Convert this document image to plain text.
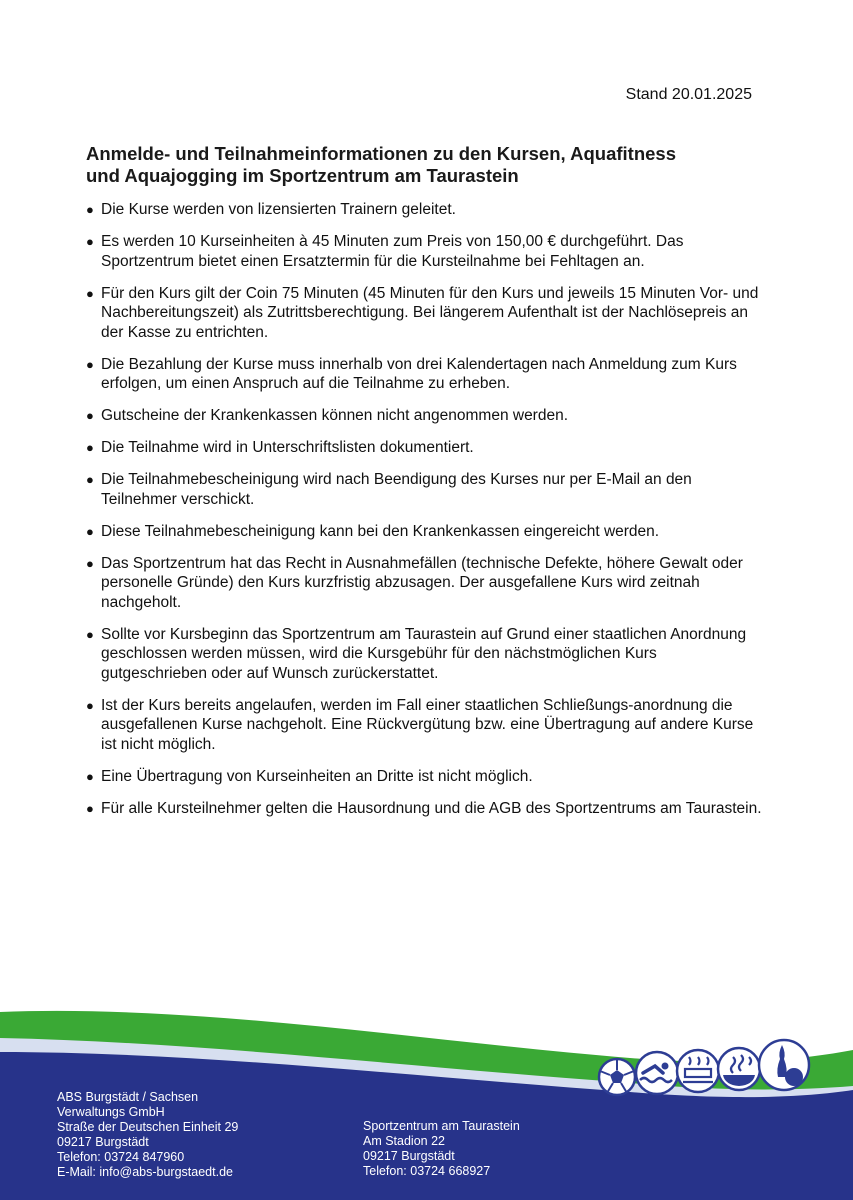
Stand 20.01.2025
Anmelde- und Teilnahmeinformationen zu den Kursen, Aquafitness
und Aquajogging im Sportzentrum am Taurastein
● Die Kurse werden von lizensierten Trainern geleitet.
● Es werden 10 Kurseinheiten à 45 Minuten zum Preis von 150,00 € durchgeführt. Das Sportzentrum bietet einen Ersatztermin für die Kursteilnahme bei Fehltagen an.
● Für den Kurs gilt der Coin 75 Minuten (45 Minuten für den Kurs und jeweils 15 Minuten Vor- und Nachbereitungszeit) als Zutrittsberechtigung. Bei längerem Aufenthalt ist der Nachlösepreis an der Kasse zu entrichten.
● Die Bezahlung der Kurse muss innerhalb von drei Kalendertagen nach Anmeldung zum Kurs erfolgen, um einen Anspruch auf die Teilnahme zu erheben.
● Gutscheine der Krankenkassen können nicht angenommen werden.
● Die Teilnahme wird in Unterschriftslisten dokumentiert.
● Die Teilnahmebescheinigung wird nach Beendigung des Kurses nur per E-Mail an den Teilnehmer verschickt.
● Diese Teilnahmebescheinigung kann bei den Krankenkassen eingereicht werden.
● Das Sportzentrum hat das Recht in Ausnahmefällen (technische Defekte, höhere Gewalt oder personelle Gründe) den Kurs kurzfristig abzusagen. Der ausgefallene Kurs wird zeitnah nachgeholt.
● Sollte vor Kursbeginn das Sportzentrum am Taurastein auf Grund einer staatlichen Anordnung geschlossen werden müssen, wird die Kursgebühr für den nächstmöglichen Kurs gutgeschrieben oder auf Wunsch zurückerstattet.
● Ist der Kurs bereits angelaufen, werden im Fall einer staatlichen Schließungs-anordnung die ausgefallenen Kurse nachgeholt. Eine Rückvergütung bzw. eine Übertragung auf andere Kurse ist nicht möglich.
● Eine Übertragung von Kurseinheiten an Dritte ist nicht möglich.
● Für alle Kursteilnehmer gelten die Hausordnung und die AGB des Sportzentrums am Taurastein.
ABS Burgstädt / Sachsen
Verwaltungs GmbH
Straße der Deutschen Einheit 29
09217 Burgstädt
Telefon: 03724 847960
E-Mail: info@abs-burgstaedt.de
Sportzentrum am Taurastein
Am Stadion 22
09217 Burgstädt
Telefon: 03724 668927
